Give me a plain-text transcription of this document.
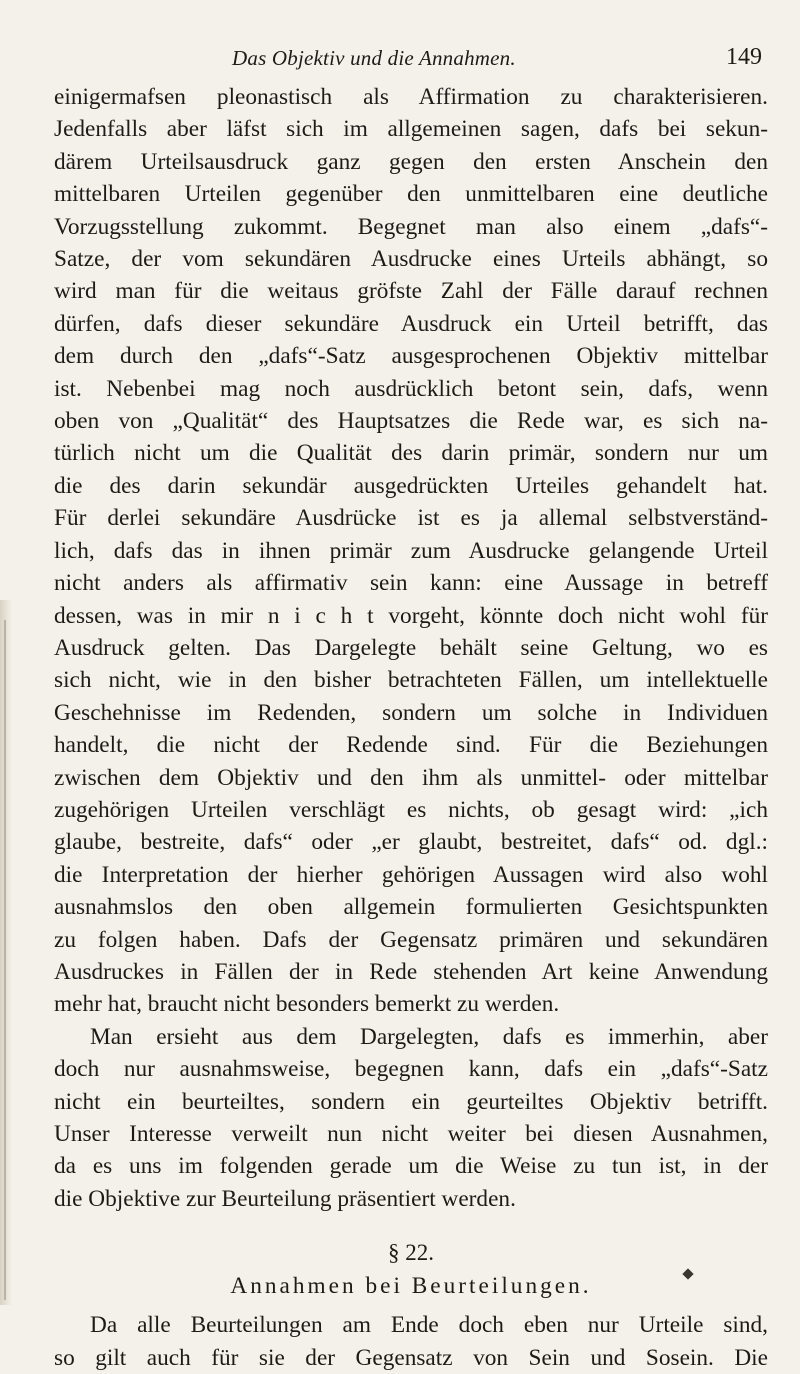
Das Objektiv und die Annahmen.	149
einigermafsen pleonastisch als Affirmation zu charakterisieren.
Jedenfalls aber läfst sich im allgemeinen sagen, dafs bei sekun-
därem Urteilsausdruck ganz gegen den ersten Anschein den
mittelbaren Urteilen gegenüber den unmittelbaren eine deutliche
Vorzugsstellung zukommt. Begegnet man also einem „dafs“-
Satze, der vom sekundären Ausdrucke eines Urteils abhängt, so
wird man für die weitaus gröfste Zahl der Fälle darauf rechnen
dürfen, dafs dieser sekundäre Ausdruck ein Urteil betrifft, das
dem durch den „dafs“-Satz ausgesprochenen Objektiv mittelbar
ist. Nebenbei mag noch ausdrücklich betont sein, dafs, wenn
oben von „Qualität“ des Hauptsatzes die Rede war, es sich na-
türlich nicht um die Qualität des darin primär, sondern nur um
die des darin sekundär ausgedrückten Urteiles gehandelt hat.
Für derlei sekundäre Ausdrücke ist es ja allemal selbstverständ-
lich, dafs das in ihnen primär zum Ausdrucke gelangende Urteil
nicht anders als affirmativ sein kann: eine Aussage in betreff
dessen, was in mir n i c h t vorgeht, könnte doch nicht wohl für
Ausdruck gelten. Das Dargelegte behält seine Geltung, wo es
sich nicht, wie in den bisher betrachteten Fällen, um intellektuelle
Geschehnisse im Redenden, sondern um solche in Individuen
handelt, die nicht der Redende sind. Für die Beziehungen
zwischen dem Objektiv und den ihm als unmittel- oder mittelbar
zugehörigen Urteilen verschlägt es nichts, ob gesagt wird: „ich
glaube, bestreite, dafs“ oder „er glaubt, bestreitet, dafs“ od. dgl.:
die Interpretation der hierher gehörigen Aussagen wird also wohl
ausnahmslos den oben allgemein formulierten Gesichtspunkten
zu folgen haben. Dafs der Gegensatz primären und sekundären
Ausdruckes in Fällen der in Rede stehenden Art keine Anwendung
mehr hat, braucht nicht besonders bemerkt zu werden.
Man ersieht aus dem Dargelegten, dafs es immerhin, aber
doch nur ausnahmsweise, begegnen kann, dafs ein „dafs“-Satz
nicht ein beurteiltes, sondern ein geurteiltes Objektiv betrifft.
Unser Interesse verweilt nun nicht weiter bei diesen Ausnahmen,
da es uns im folgenden gerade um die Weise zu tun ist, in der
die Objektive zur Beurteilung präsentiert werden.
§ 22.
Annahmen bei Beurteilungen.
Da alle Beurteilungen am Ende doch eben nur Urteile sind,
so gilt auch für sie der Gegensatz von Sein und Sosein. Die
